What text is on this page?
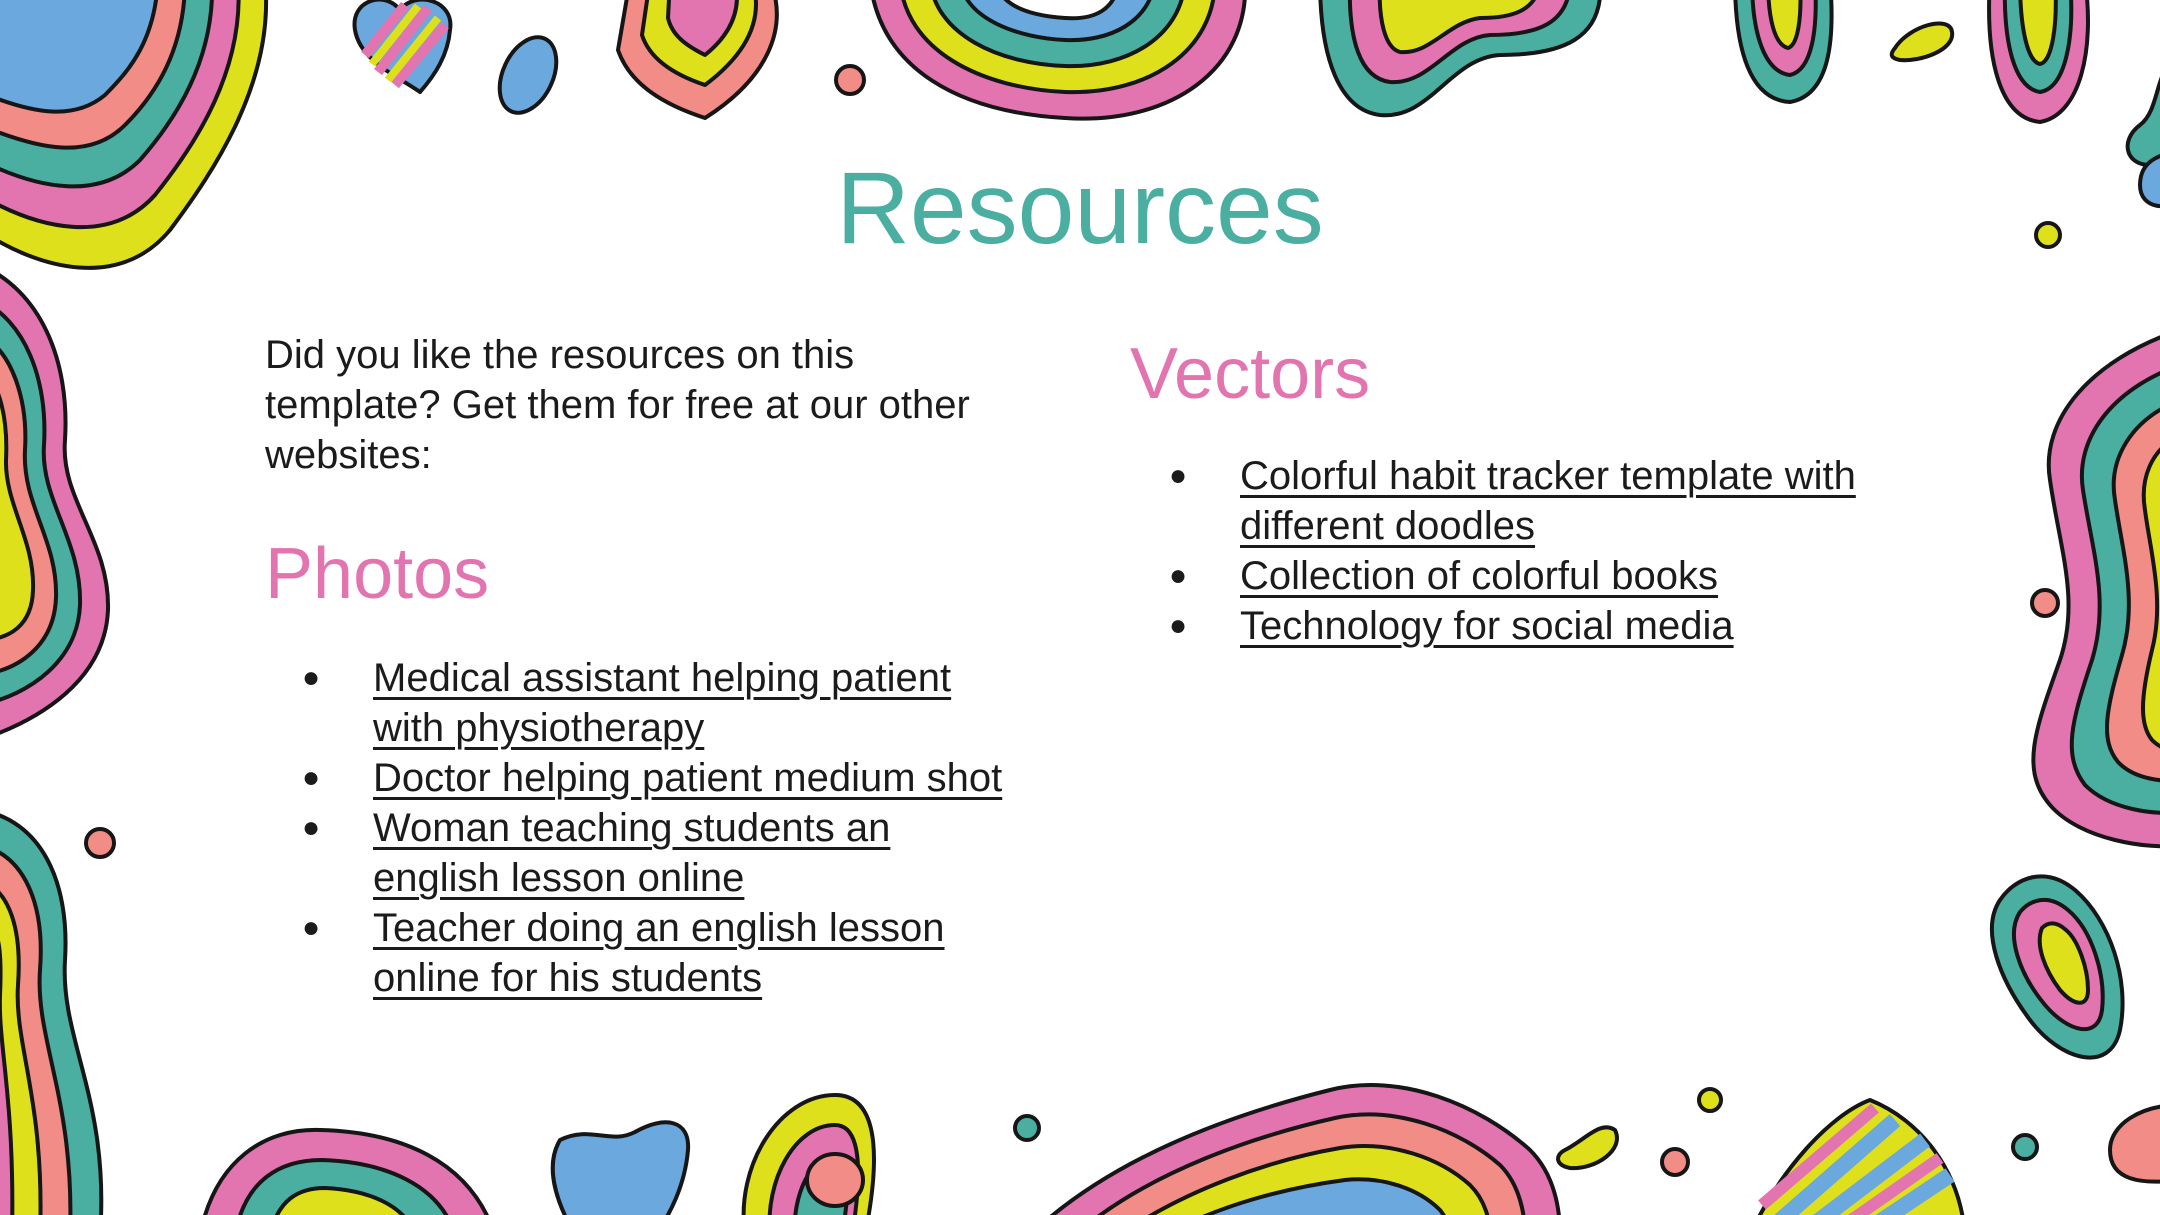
Resources

Did you like the resources on this template? Get them for free at our other websites:

Photos
● Medical assistant helping patient with physiotherapy
● Doctor helping patient medium shot
● Woman teaching students an english lesson online
● Teacher doing an english lesson online for his students
Vectors
● Colorful habit tracker template with different doodles
● Collection of colorful books
● Technology for social media
